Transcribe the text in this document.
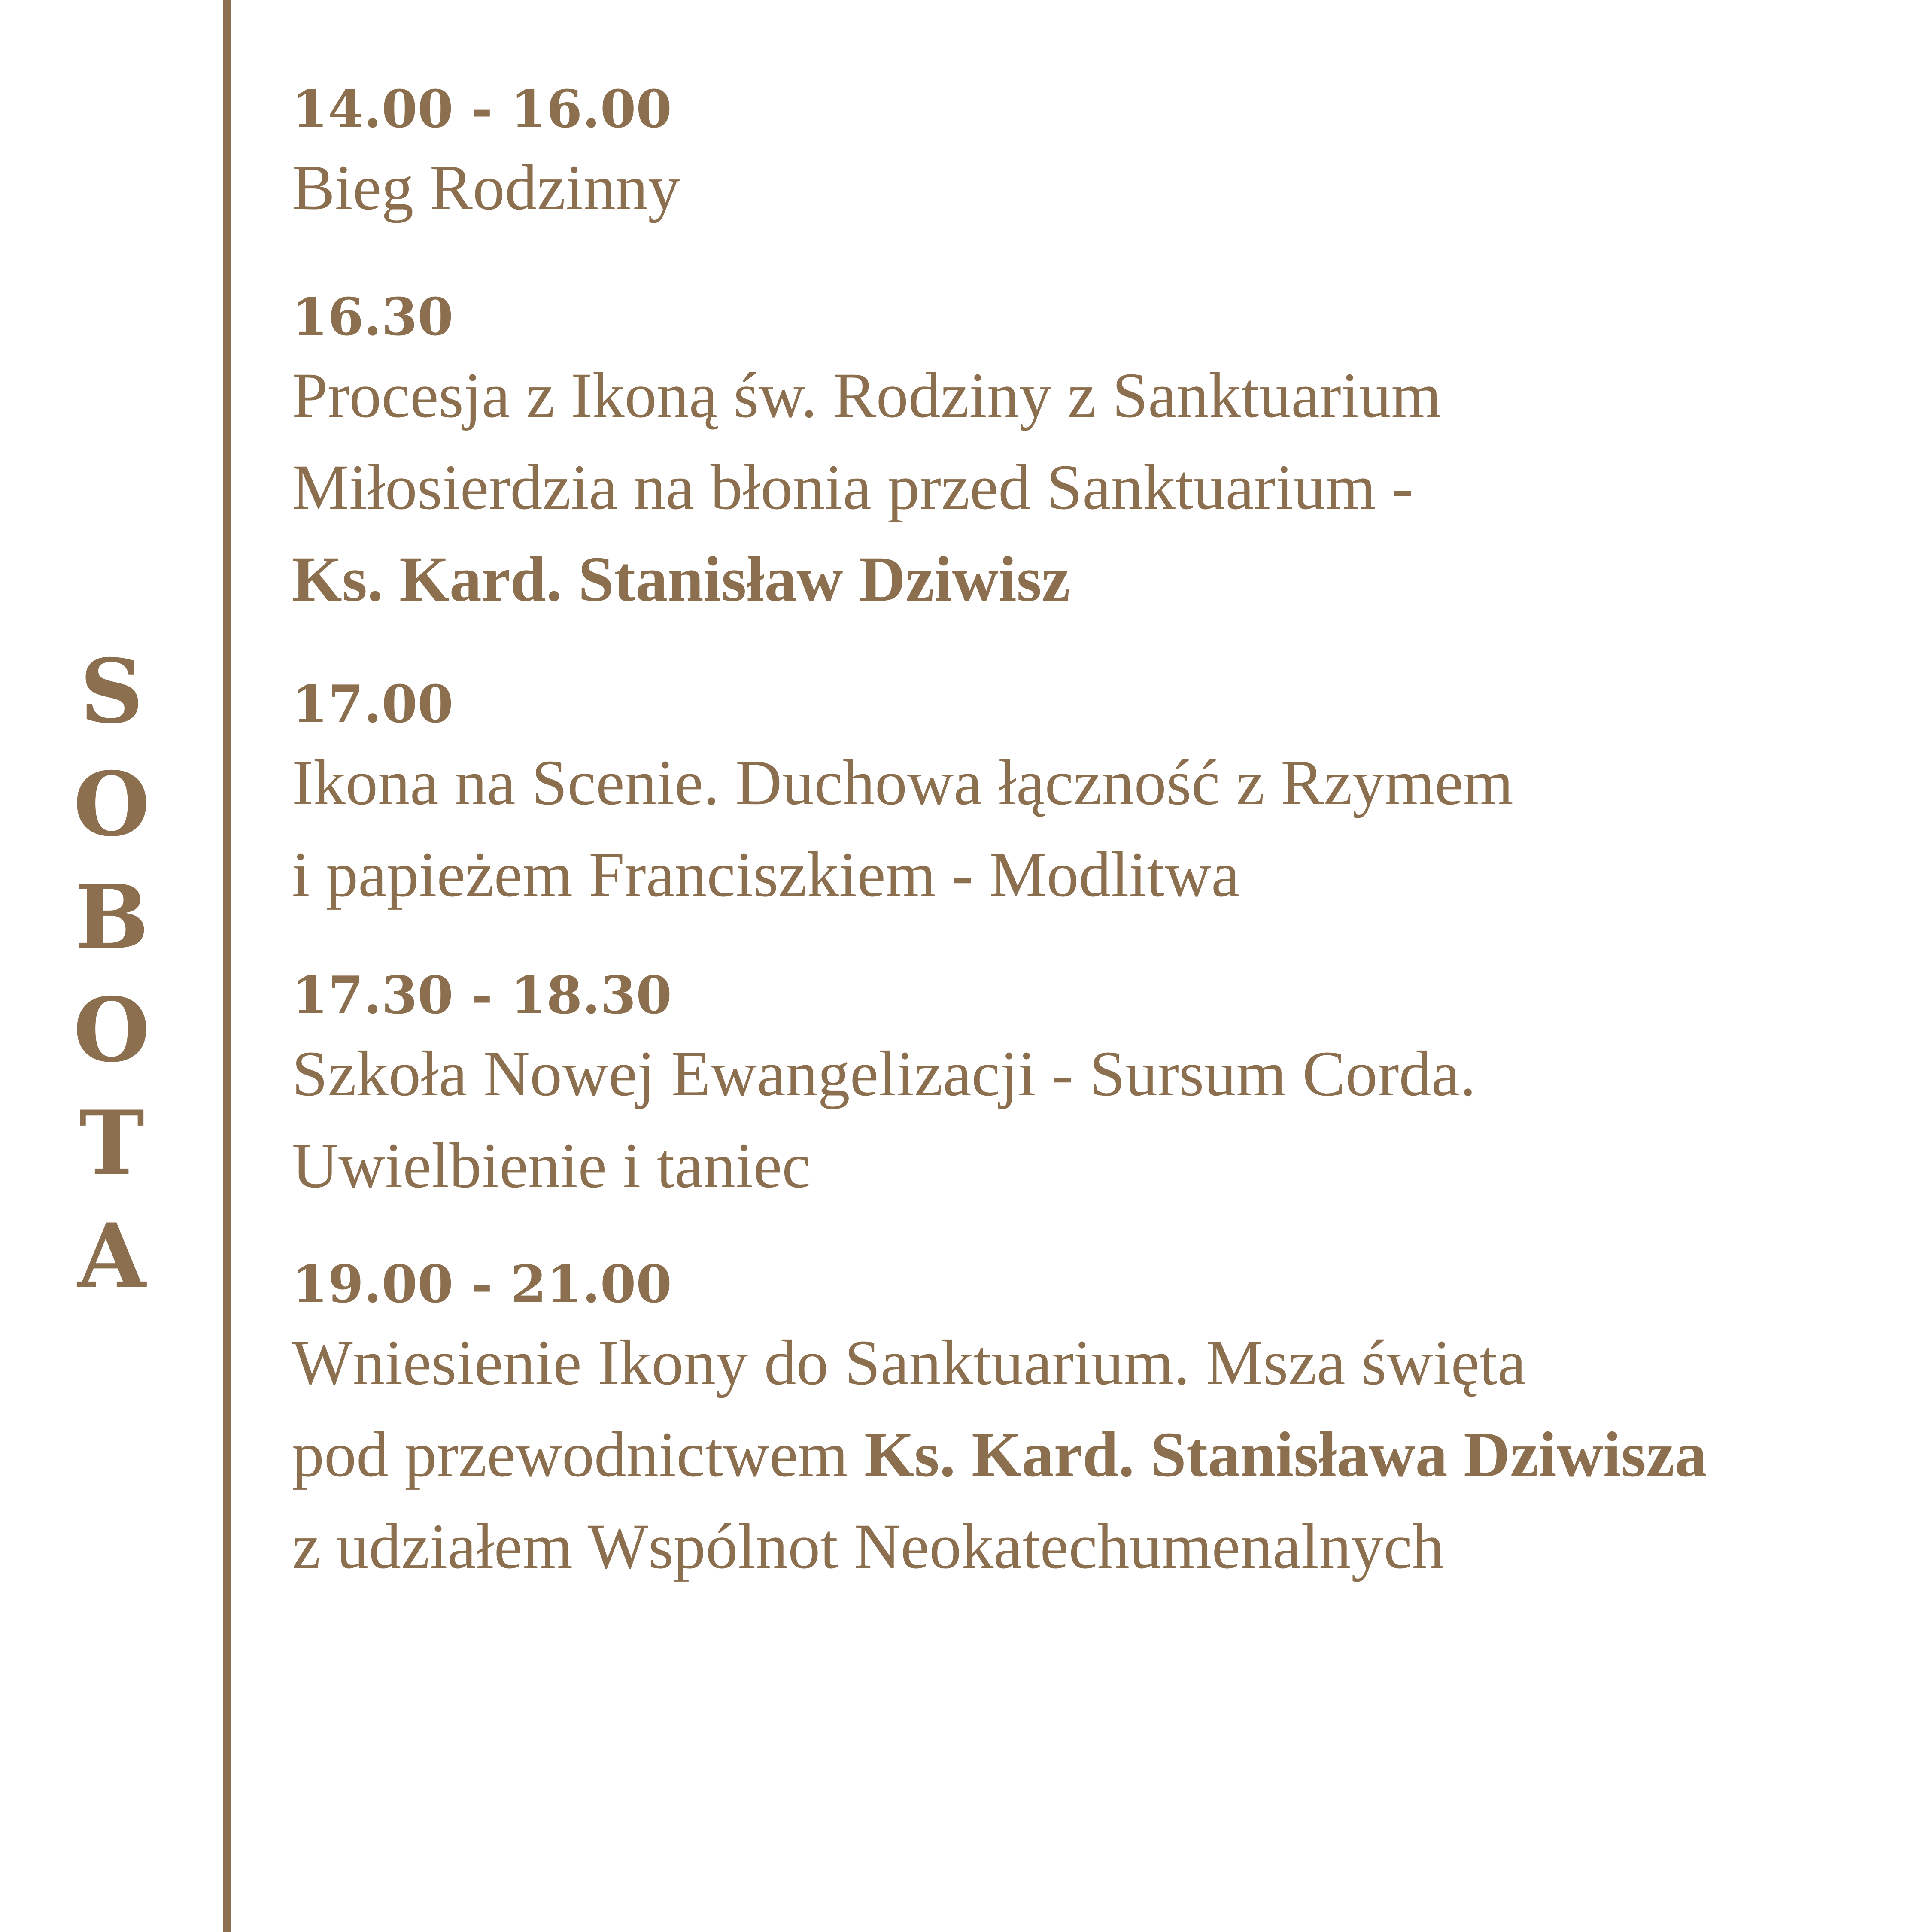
S
O
B
O
T
A
14.00 - 16.00
Bieg Rodzinny
16.30
Procesja z Ikoną św. Rodziny z Sanktuarium
Miłosierdzia na błonia przed Sanktuarium -
Ks. Kard. Stanisław Dziwisz
17.00
Ikona na Scenie. Duchowa łączność z Rzymem
i papieżem Franciszkiem - Modlitwa
17.30 - 18.30
Szkoła Nowej Ewangelizacji - Sursum Corda.
Uwielbienie i taniec
19.00 - 21.00
Wniesienie Ikony do Sanktuarium. Msza święta
pod przewodnictwem Ks. Kard. Stanisława Dziwisza
z udziałem Wspólnot Neokatechumenalnych
